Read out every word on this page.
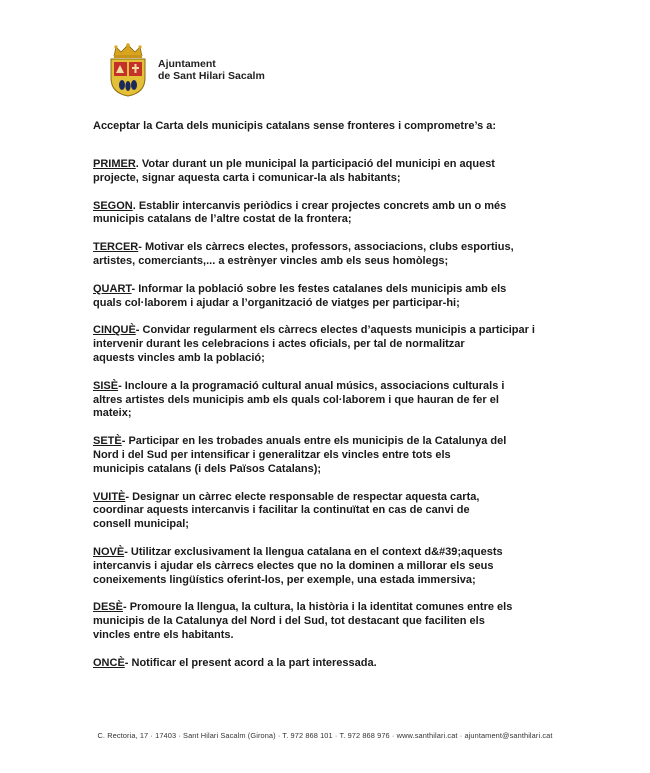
Ajuntament
de Sant Hilari Sacalm

Acceptar la Carta dels municipis catalans sense fronteres i comprometre’s a:

PRIMER. Votar durant un ple municipal la participació del municipi en aquest
projecte, signar aquesta carta i comunicar-la als habitants;

SEGON. Establir intercanvis periòdics i crear projectes concrets amb un o més
municipis catalans de l’altre costat de la frontera;

TERCER- Motivar els càrrecs electes, professors, associacions, clubs esportius,
artistes, comerciants,... a estrènyer vincles amb els seus homòlegs;

QUART- Informar la població sobre les festes catalanes dels municipis amb els
quals col·laborem i ajudar a l’organització de viatges per participar-hi;

CINQUÈ- Convidar regularment els càrrecs electes d’aquests municipis a participar i
intervenir durant les celebracions i actes oficials, per tal de normalitzar
aquests vincles amb la població;

SISÈ- Incloure a la programació cultural anual músics, associacions culturals i
altres artistes dels municipis amb els quals col·laborem i que hauran de fer el
mateix;

SETÈ- Participar en les trobades anuals entre els municipis de la Catalunya del
Nord i del Sud per intensificar i generalitzar els vincles entre tots els
municipis catalans (i dels Països Catalans);

VUITÈ- Designar un càrrec electe responsable de respectar aquesta carta,
coordinar aquests intercanvis i facilitar la continuïtat en cas de canvi de
consell municipal;

NOVÈ- Utilitzar exclusivament la llengua catalana en el context d&#39;aquests
intercanvis i ajudar els càrrecs electes que no la dominen a millorar els seus
coneixements lingüístics oferint-los, per exemple, una estada immersiva;

DESÈ- Promoure la llengua, la cultura, la història i la identitat comunes entre els
municipis de la Catalunya del Nord i del Sud, tot destacant que faciliten els
vincles entre els habitants.

ONCÈ- Notificar el present acord a la part interessada.

C. Rectoria, 17 · 17403 · Sant Hilari Sacalm (Girona) · T. 972 868 101 · T. 972 868 976 · www.santhilari.cat · ajuntament@santhilari.cat
